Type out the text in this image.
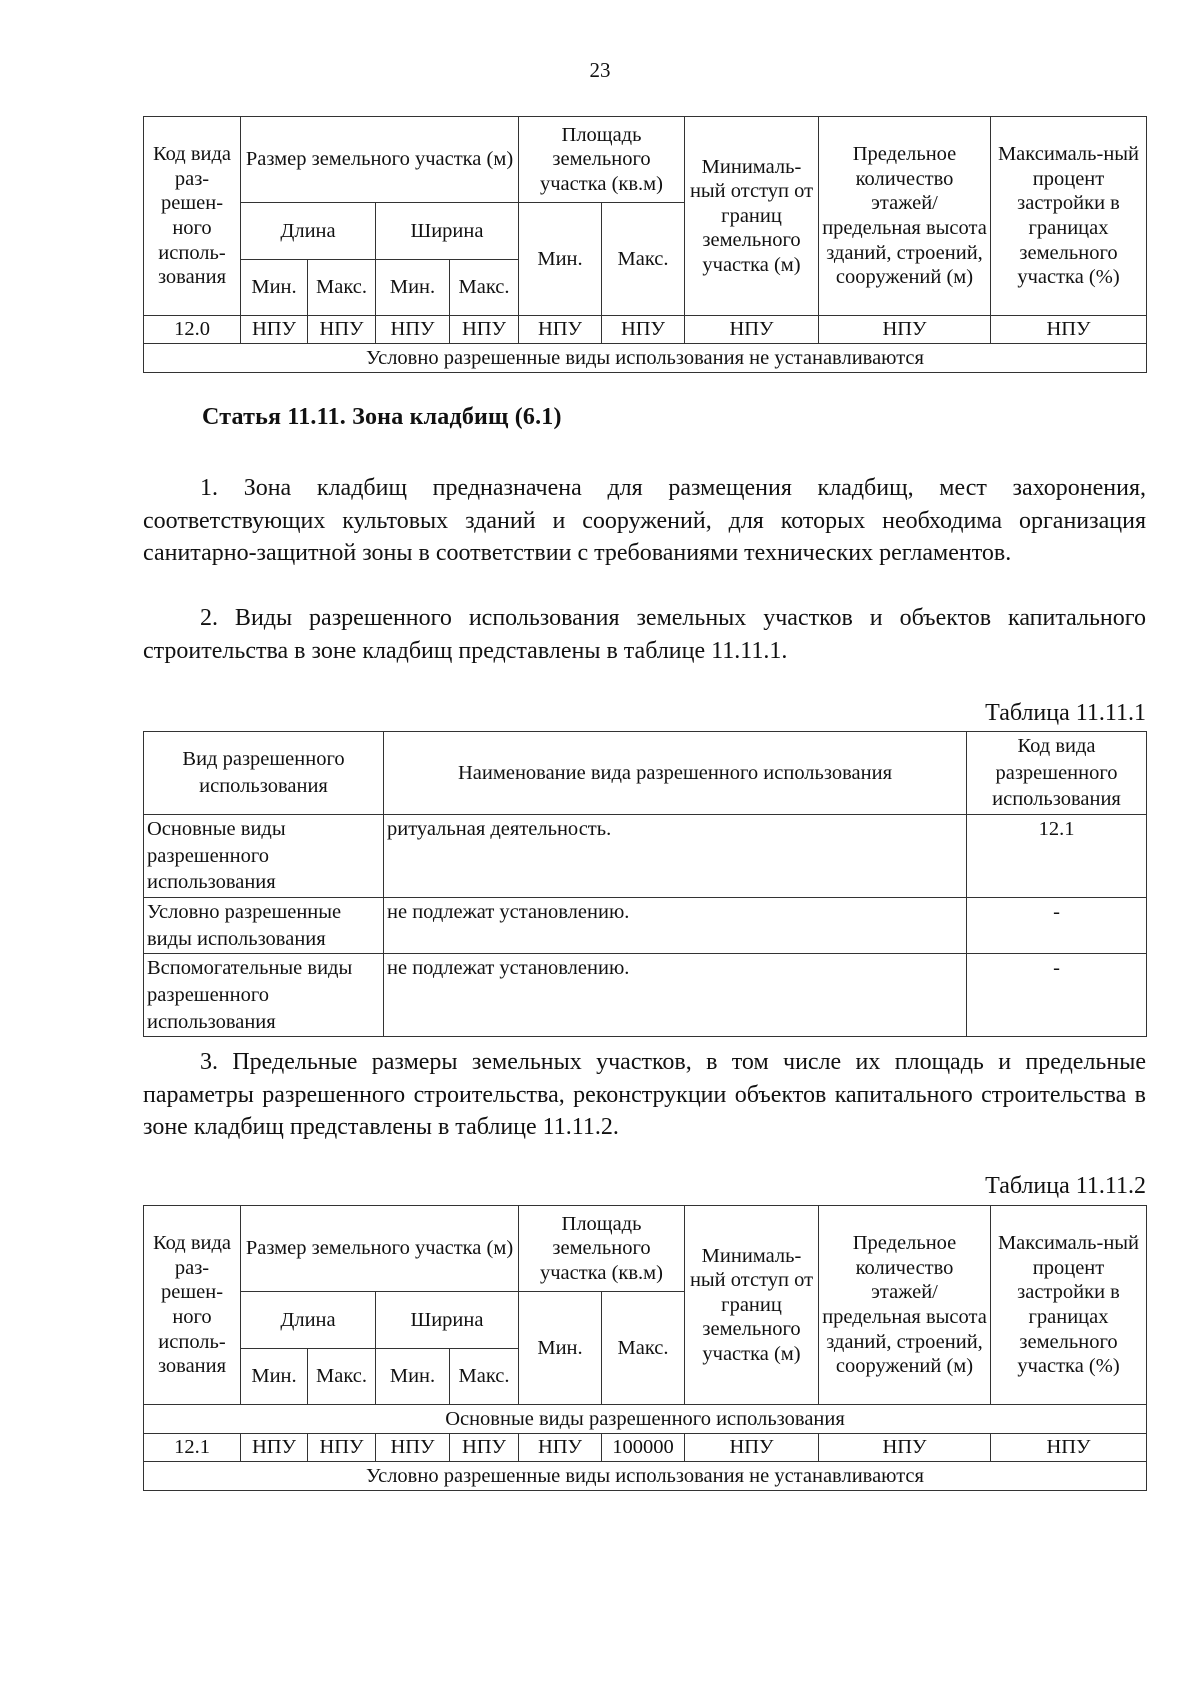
23
Код вида раз-решен-ного исполь-зования	Размер земельного участка (м)				Площадь земельного участка (кв.м)		Минималь-ный отступ от границ земельного участка (м)	Предельное количество этажей/ предельная высота зданий, строений, сооружений (м)	Максималь-ный процент застройки в границах земельного участка (%)
	Длина		Ширина		Мин.	Макс.			
	Мин.	Макс.	Мин.	Макс.					
12.0	НПУ	НПУ	НПУ	НПУ	НПУ	НПУ	НПУ	НПУ	НПУ
Условно разрешенные виды использования не устанавливаются									
Статья 11.11. Зона кладбищ (6.1)

1. Зона кладбищ предназначена для размещения кладбищ, мест захоронения, соответствующих культовых зданий и сооружений, для которых необходима организация санитарно-защитной зоны в соответствии с требованиями технических регламентов.

2. Виды разрешенного использования земельных участков и объектов капитального строительства в зоне кладбищ представлены в таблице 11.11.1.

Таблица 11.11.1
Вид разрешенного использования	Наименование вида разрешенного использования	Код вида разрешенного использования
Основные виды разрешенного использования	ритуальная деятельность.	12.1
Условно разрешенные виды использования	не подлежат установлению.	-
Вспомогательные виды разрешенного использования	не подлежат установлению.	-

3. Предельные размеры земельных участков, в том числе их площадь и предельные параметры разрешенного строительства, реконструкции объектов капитального строительства в зоне кладбищ представлены в таблице 11.11.2.

Таблица 11.11.2
Код вида раз-решен-ного исполь-зования	Размер земельного участка (м)				Площадь земельного участка (кв.м)		Минималь-ный отступ от границ земельного участка (м)	Предельное количество этажей/ предельная высота зданий, строений, сооружений (м)	Максималь-ный процент застройки в границах земельного участка (%)
	Длина		Ширина		Мин.	Макс.			
	Мин.	Макс.	Мин.	Макс.					
Основные виды разрешенного использования									
12.1	НПУ	НПУ	НПУ	НПУ	НПУ	100000	НПУ	НПУ	НПУ
Условно разрешенные виды использования не устанавливаются									
